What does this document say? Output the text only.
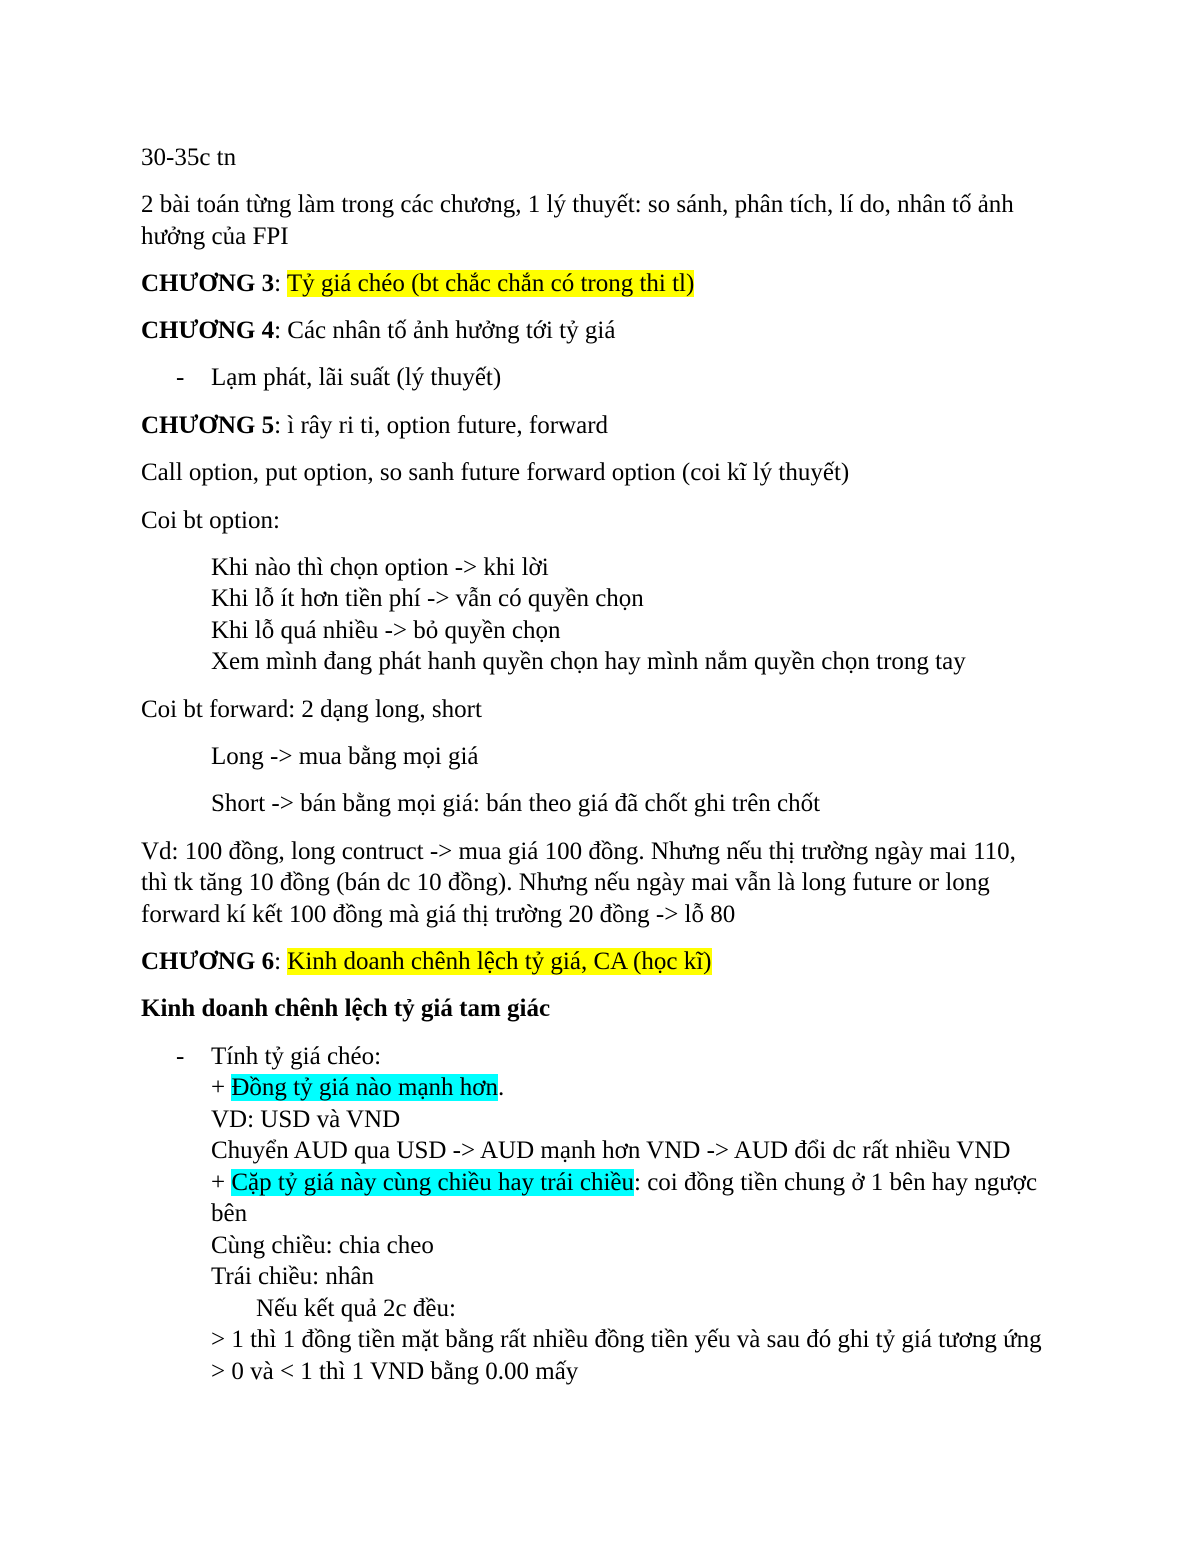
30-35c tn
2 bài toán từng làm trong các chương, 1 lý thuyết: so sánh, phân tích, lí do, nhân tố ảnh
hưởng của FPI
CHƯƠNG 3: Tỷ giá chéo (bt chắc chắn có trong thi tl)
CHƯƠNG 4: Các nhân tố ảnh hưởng tới tỷ giá
- Lạm phát, lãi suất (lý thuyết)
CHƯƠNG 5: ì rây ri ti, option future, forward
Call option, put option, so sanh future forward option (coi kĩ lý thuyết)
Coi bt option:
Khi nào thì chọn option -> khi lời
Khi lỗ ít hơn tiền phí -> vẫn có quyền chọn
Khi lỗ quá nhiều -> bỏ quyền chọn
Xem mình đang phát hanh quyền chọn hay mình nắm quyền chọn trong tay
Coi bt forward: 2 dạng long, short
Long -> mua bằng mọi giá
Short -> bán bằng mọi giá: bán theo giá đã chốt ghi trên chốt
Vd: 100 đồng, long contruct -> mua giá 100 đồng. Nhưng nếu thị trường ngày mai 110,
thì tk tăng 10 đồng (bán dc 10 đồng). Nhưng nếu ngày mai vẫn là long future or long
forward kí kết 100 đồng mà giá thị trường 20 đồng -> lỗ 80
CHƯƠNG 6: Kinh doanh chênh lệch tỷ giá, CA (học kĩ)
Kinh doanh chênh lệch tỷ giá tam giác
- Tính tỷ giá chéo:
+ Đồng tỷ giá nào mạnh hơn.
VD: USD và VND
Chuyển AUD qua USD -> AUD mạnh hơn VND -> AUD đổi dc rất nhiều VND
+ Cặp tỷ giá này cùng chiều hay trái chiều: coi đồng tiền chung ở 1 bên hay ngược
bên
Cùng chiều: chia cheo
Trái chiều: nhân
Nếu kết quả 2c đều:
> 1 thì 1 đồng tiền mặt bằng rất nhiều đồng tiền yếu và sau đó ghi tỷ giá tương ứng
> 0 và < 1 thì 1 VND bằng 0.00 mấy
